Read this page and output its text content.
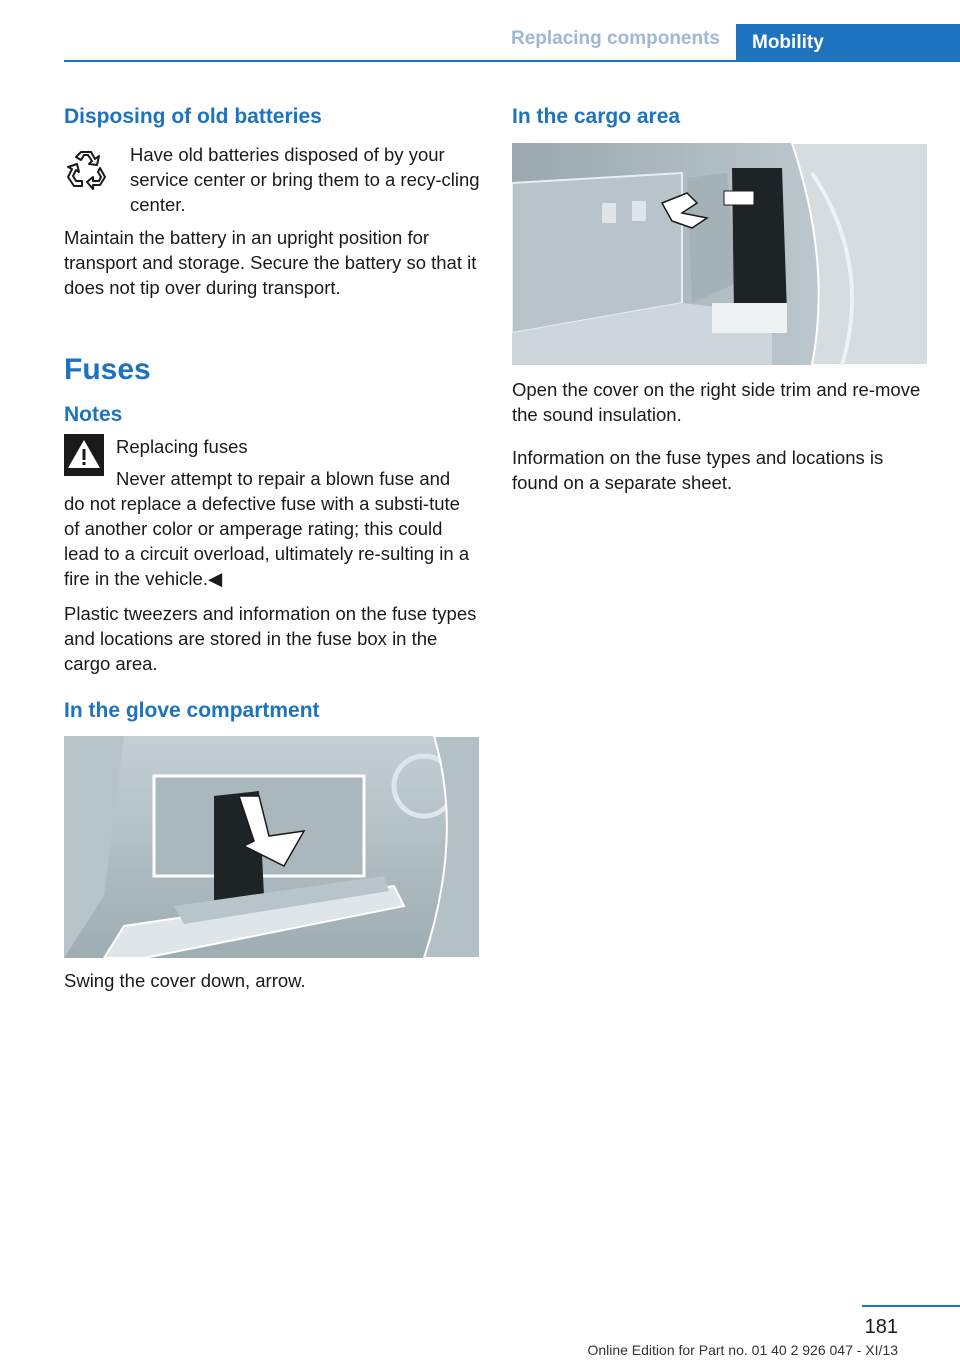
Replacing components	Mobility
Disposing of old batteries

Have old batteries disposed of by your service center or bring them to a recy-cling center.

Maintain the battery in an upright position for transport and storage. Secure the battery so that it does not tip over during transport.

Fuses
Notes

Replacing fuses

Never attempt to repair a blown fuse and

do not replace a defective fuse with a substi-tute of another color or amperage rating; this could lead to a circuit overload, ultimately re-sulting in a fire in the vehicle.◀

Plastic tweezers and information on the fuse types and locations are stored in the fuse box in the cargo area.

In the glove compartment

Swing the cover down, arrow.

In the cargo area

Open the cover on the right side trim and re-move the sound insulation.

Information on the fuse types and locations is found on a separate sheet.

181
Online Edition for Part no. 01 40 2 926 047 - XI/13
